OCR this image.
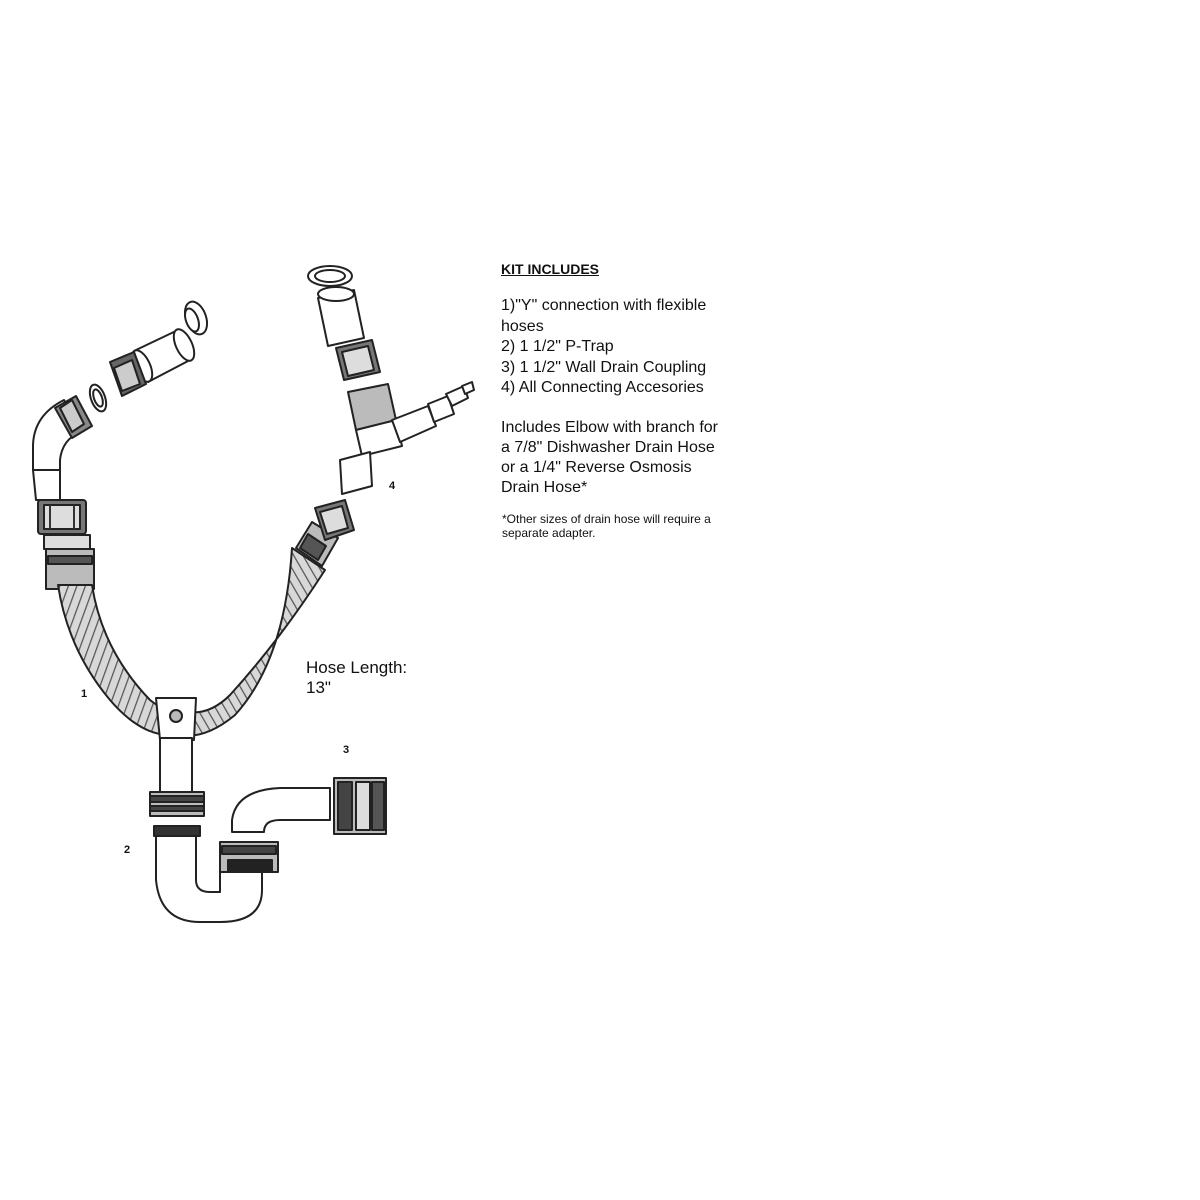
KIT INCLUDES
1)"Y" connection with flexible
hoses
2) 1 1/2" P-Trap
3) 1 1/2" Wall Drain Coupling
4) All Connecting Accesories
Includes Elbow with branch for
a 7/8" Dishwasher Drain Hose
or a 1/4" Reverse Osmosis
Drain Hose*
*Other sizes of drain hose will require a
separate adapter.
Hose Length:
13"
1
2
3
4
